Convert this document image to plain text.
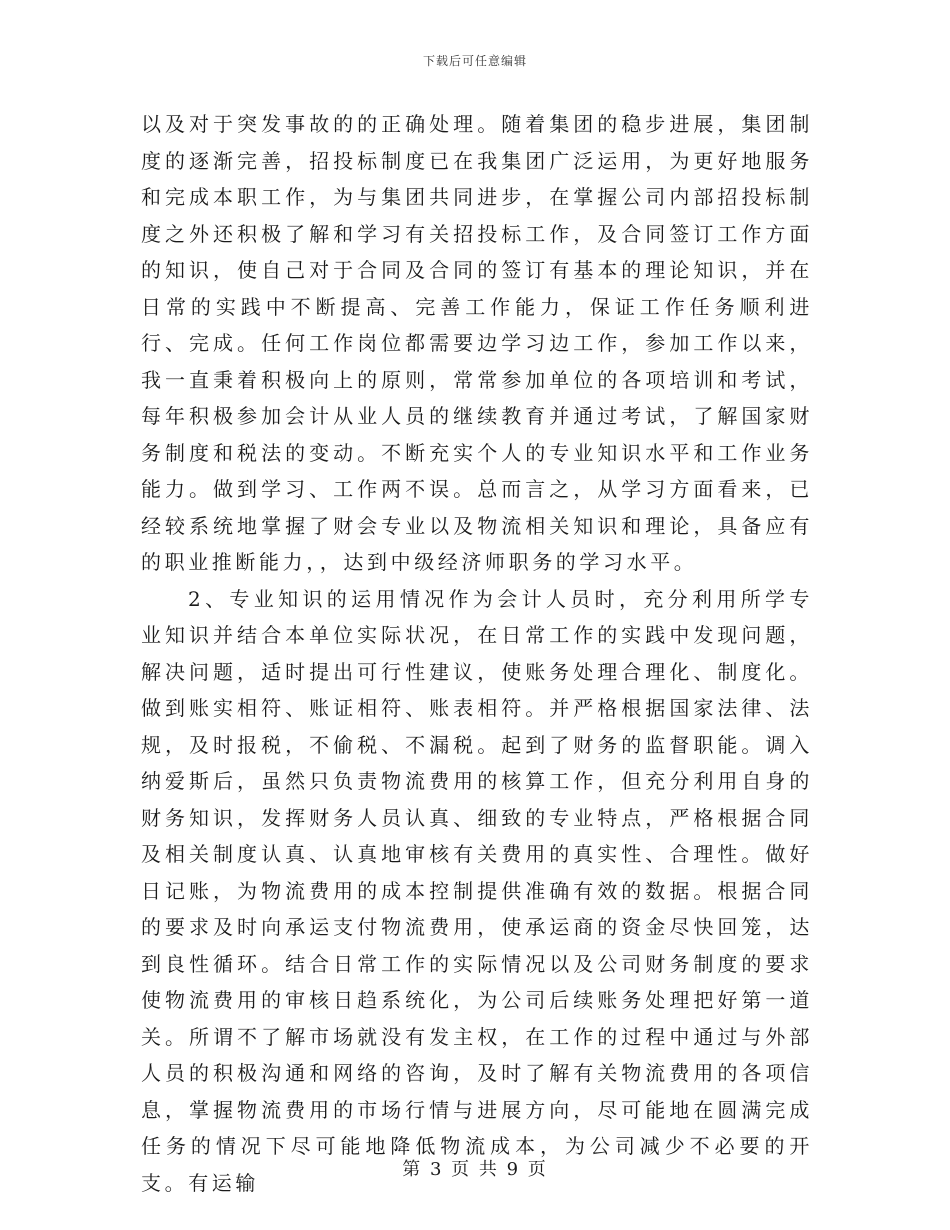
下载后可任意编辑

以及对于突发事故的的正确处理。随着集团的稳步进展，集团制度的逐渐完善，招投标制度已在我集团广泛运用，为更好地服务和完成本职工作，为与集团共同进步，在掌握公司内部招投标制度之外还积极了解和学习有关招投标工作，及合同签订工作方面的知识，使自己对于合同及合同的签订有基本的理论知识，并在日常的实践中不断提高、完善工作能力，保证工作任务顺利进行、完成。任何工作岗位都需要边学习边工作，参加工作以来，我一直秉着积极向上的原则，常常参加单位的各项培训和考试，每年积极参加会计从业人员的继续教育并通过考试，了解国家财务制度和税法的变动。不断充实个人的专业知识水平和工作业务能力。做到学习、工作两不误。总而言之，从学习方面看来，已经较系统地掌握了财会专业以及物流相关知识和理论，具备应有的职业推断能力，，达到中级经济师职务的学习水平。

2、专业知识的运用情况作为会计人员时，充分利用所学专业知识并结合本单位实际状况，在日常工作的实践中发现问题，解决问题，适时提出可行性建议，使账务处理合理化、制度化。做到账实相符、账证相符、账表相符。并严格根据国家法律、法规，及时报税，不偷税、不漏税。起到了财务的监督职能。调入纳爱斯后，虽然只负责物流费用的核算工作，但充分利用自身的财务知识，发挥财务人员认真、细致的专业特点，严格根据合同及相关制度认真、认真地审核有关费用的真实性、合理性。做好日记账，为物流费用的成本控制提供准确有效的数据。根据合同的要求及时向承运支付物流费用，使承运商的资金尽快回笼，达到良性循环。结合日常工作的实际情况以及公司财务制度的要求使物流费用的审核日趋系统化，为公司后续账务处理把好第一道关。所谓不了解市场就没有发主权，在工作的过程中通过与外部人员的积极沟通和网络的咨询，及时了解有关物流费用的各项信息，掌握物流费用的市场行情与进展方向，尽可能地在圆满完成任务的情况下尽可能地降低物流成本，为公司减少不必要的开支。有运输

第 3 页 共 9 页
